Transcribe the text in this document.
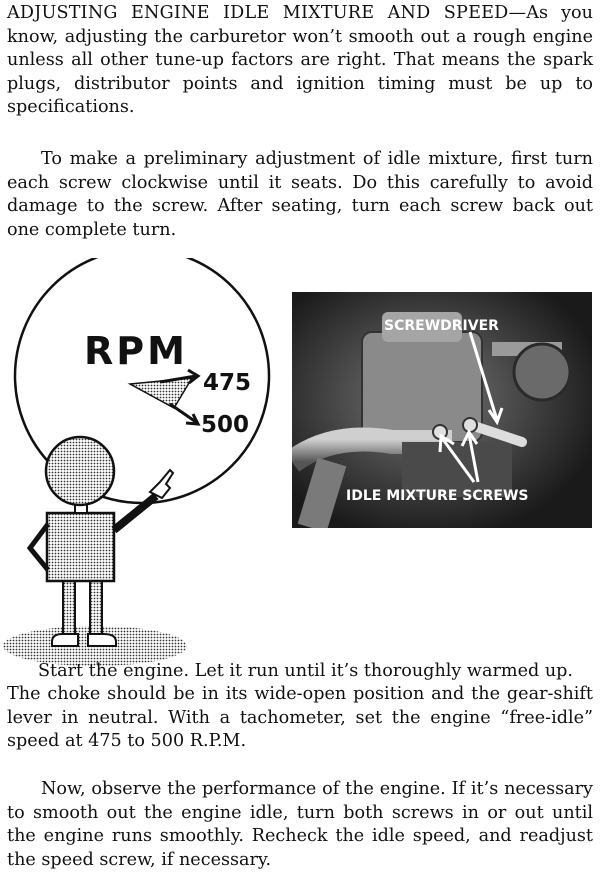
ADJUSTING ENGINE IDLE MIXTURE AND SPEED—As you know, adjusting the carburetor won’t smooth out a rough engine unless all other tune-up factors are right. That means the spark plugs, distributor points and ignition timing must be up to specifications.

To make a preliminary adjustment of idle mixture, first turn each screw clockwise until it seats. Do this carefully to avoid damage to the screw. After seating, turn each screw back out one complete turn.

RPM
475
500
SCREWDRIVER
IDLE MIXTURE SCREWS

Start the engine. Let it run until it’s thoroughly warmed up.

The choke should be in its wide-open position and the gear-shift lever in neutral. With a tachometer, set the engine “free-idle” speed at 475 to 500 R.P.M.

Now, observe the performance of the engine. If it’s necessary to smooth out the engine idle, turn both screws in or out until the engine runs smoothly. Recheck the idle speed, and readjust the speed screw, if necessary.
